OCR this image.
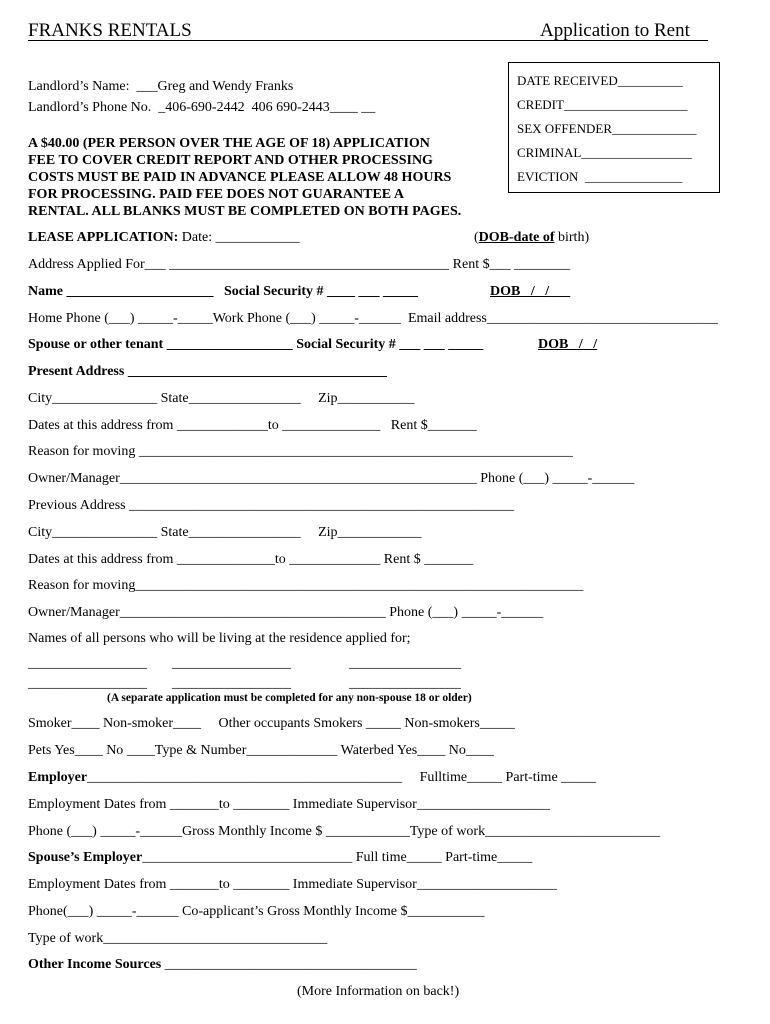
FRANKS RENTALS	Application to Rent
Landlord’s Name:  ___Greg and Wendy Franks
Landlord’s Phone No.  _406-690-2442  406 690-2443____ __
A $40.00 (PER PERSON OVER THE AGE OF 18) APPLICATION
FEE TO COVER CREDIT REPORT AND OTHER PROCESSING
COSTS MUST BE PAID IN ADVANCE PLEASE ALLOW 48 HOURS
FOR PROCESSING. PAID FEE DOES NOT GUARANTEE A
RENTAL. ALL BLANKS MUST BE COMPLETED ON BOTH PAGES.
DATE RECEIVED__________
CREDIT___________________
SEX OFFENDER_____________
CRIMINAL_________________
EVICTION  _______________
LEASE APPLICATION: Date: ____________	(DOB-date of birth)
Address Applied For___ ________________________________________ Rent $___ ________
Name _____________________   Social Security # ____ ___ _____	DOB   /   /___
Home Phone (___) _____-_____Work Phone (___) _____-______  Email address_________________________________
Spouse or other tenant __________________ Social Security # ___ ___ _____	DOB   /   /
Present Address _____________________________________
City_______________ State________________     Zip___________
Dates at this address from _____________to ______________   Rent $_______
Reason for moving ______________________________________________________________
Owner/Manager___________________________________________________ Phone (___) _____-______
Previous Address _______________________________________________________
City_______________ State________________     Zip____________
Dates at this address from ______________to _____________ Rent $ _______
Reason for moving________________________________________________________________
Owner/Manager______________________________________ Phone (___) _____-______
Names of all persons who will be living at the residence applied for;
_________________ _________________	________________
_________________ _________________	________________
(A separate application must be completed for any non-spouse 18 or older)
Smoker____ Non-smoker____     Other occupants Smokers _____ Non-smokers_____
Pets Yes____ No ____Type & Number_____________ Waterbed Yes____ No____
Employer_____________________________________________     Fulltime_____ Part-time _____
Employment Dates from _______to ________ Immediate Supervisor___________________
Phone (___) _____-______Gross Monthly Income $ ____________Type of work_________________________
Spouse’s Employer______________________________ Full time_____ Part-time_____
Employment Dates from _______to ________ Immediate Supervisor____________________
Phone(___) _____-______ Co-applicant’s Gross Monthly Income $___________
Type of work________________________________
Other Income Sources ____________________________________
(More Information on back!)
